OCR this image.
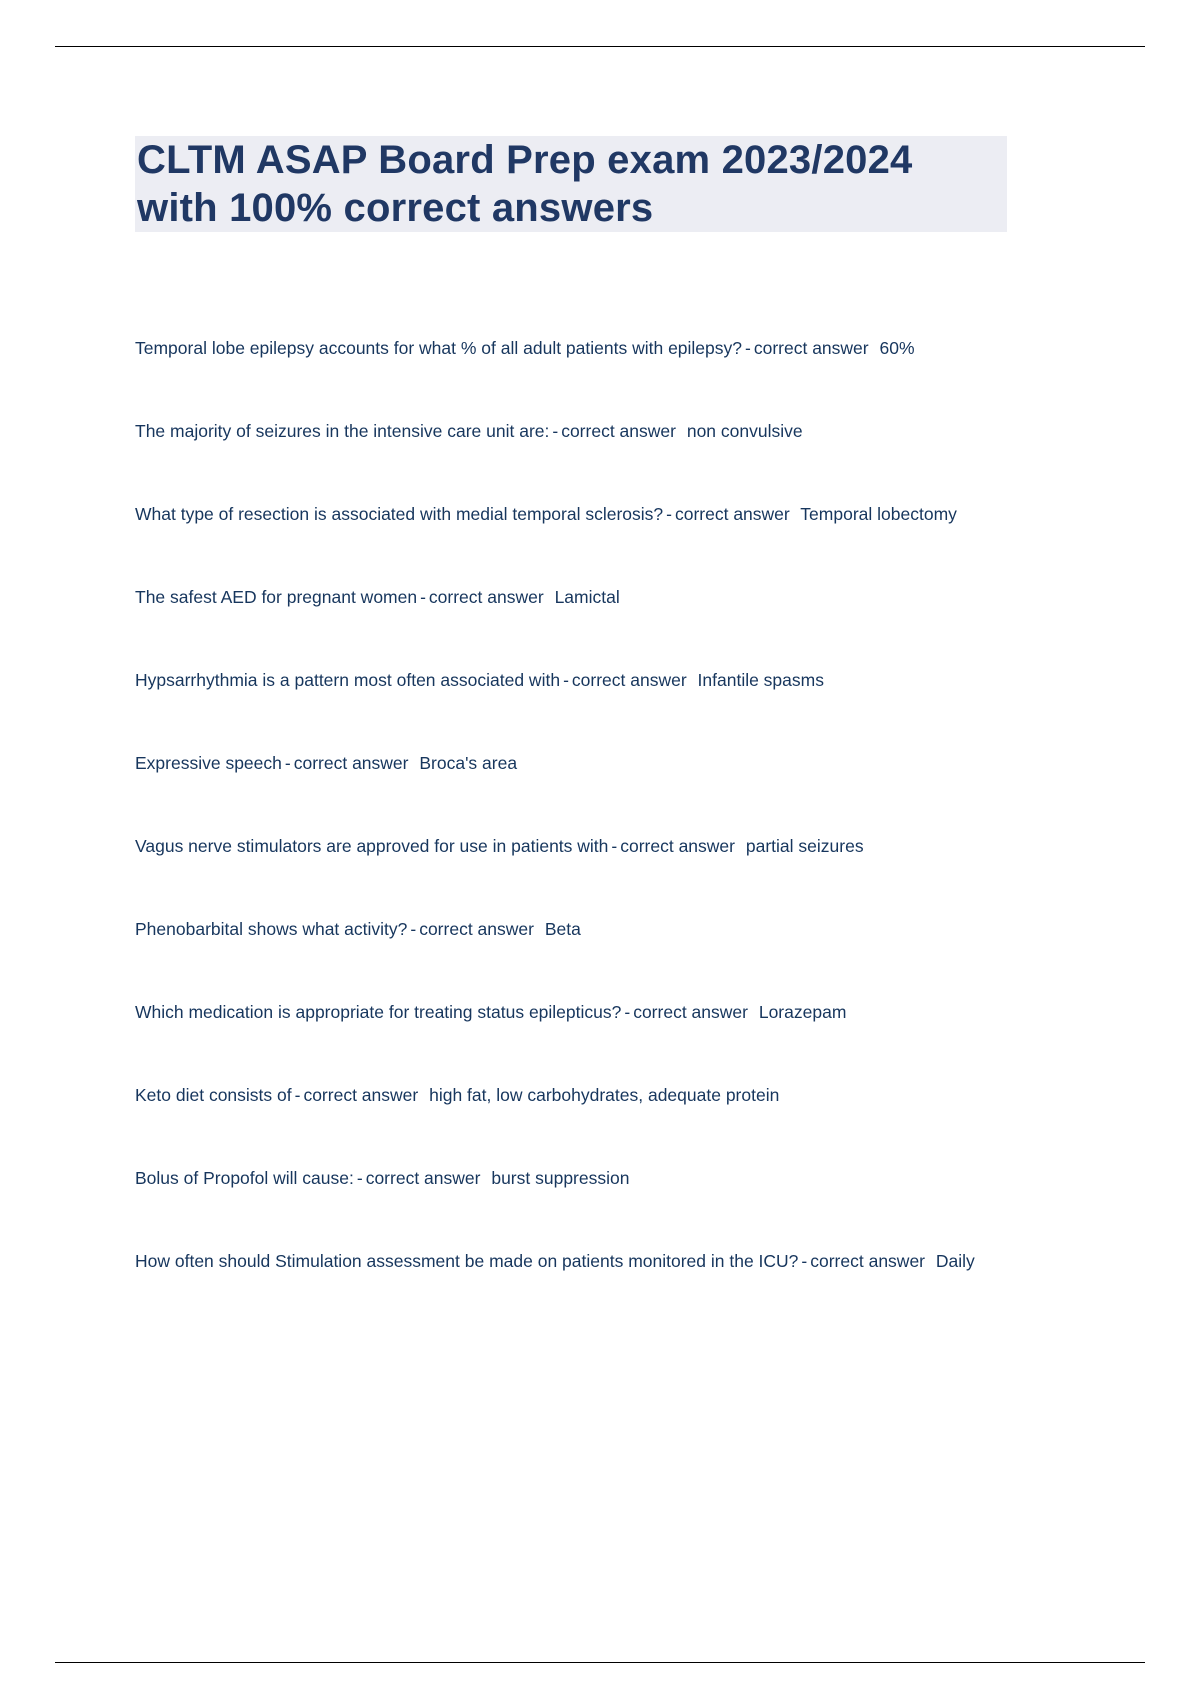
CLTM ASAP Board Prep exam 2023/2024
with 100% correct answers

Temporal lobe epilepsy accounts for what % of all adult patients with epilepsy? - correct answer 60%

The majority of seizures in the intensive care unit are: - correct answer non convulsive

What type of resection is associated with medial temporal sclerosis? - correct answer Temporal lobectomy

The safest AED for pregnant women - correct answer Lamictal

Hypsarrhythmia is a pattern most often associated with - correct answer Infantile spasms

Expressive speech - correct answer Broca's area

Vagus nerve stimulators are approved for use in patients with - correct answer partial seizures

Phenobarbital shows what activity? - correct answer Beta

Which medication is appropriate for treating status epilepticus? - correct answer Lorazepam

Keto diet consists of - correct answer high fat, low carbohydrates, adequate protein

Bolus of Propofol will cause: - correct answer burst suppression

How often should Stimulation assessment be made on patients monitored in the ICU? - correct answer Daily
